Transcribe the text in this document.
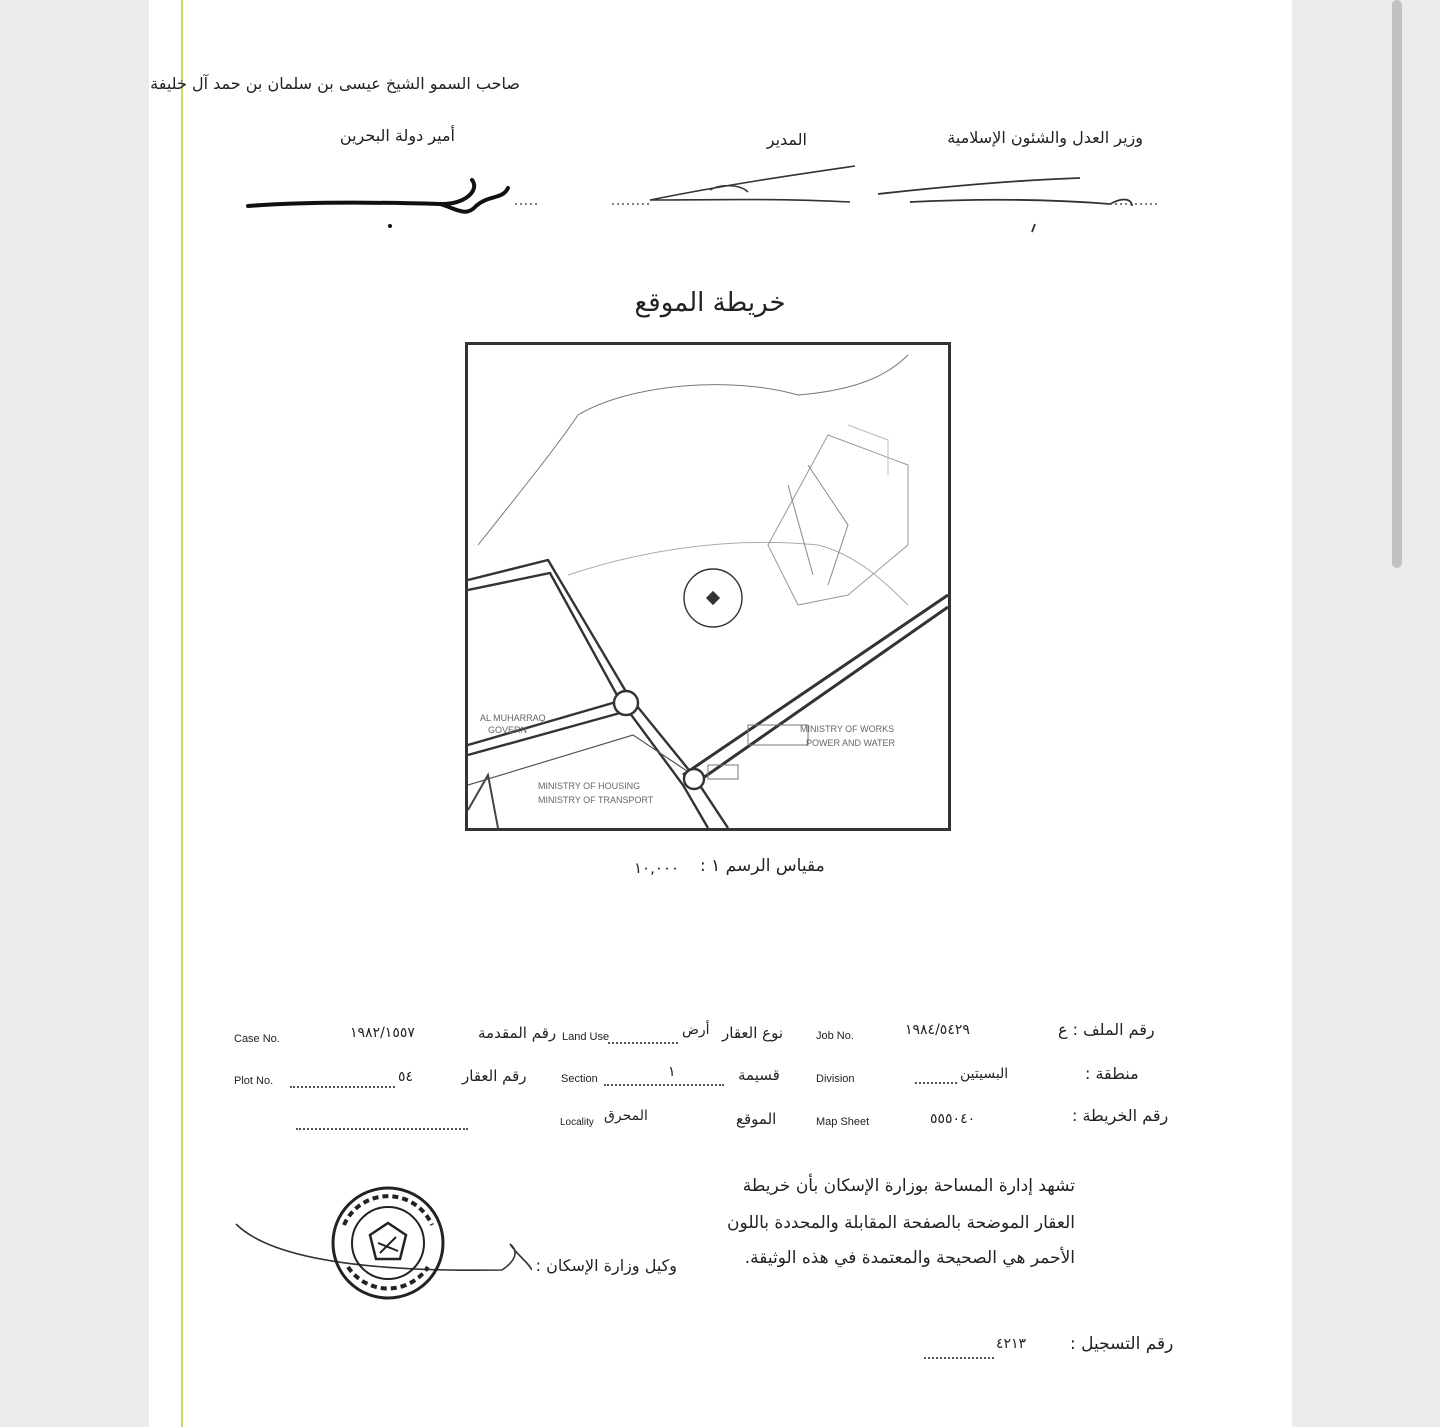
صاحب السمو الشيخ عيسى بن سلمان بن حمد آل خليفة
أمير دولة البحرين	المدير	وزير العدل والشئون الإسلامية
خريطة الموقع
MINISTRY OF WORKS
POWER AND WATER
MINISTRY OF HOUSING
MINISTRY OF TRANSPORT
AL MUHARRAQ
GOVERN
مقياس الرسم ١ :
١٠,٠٠٠
رقم الملف : ع
١٩٨٤/٥٤٢٩
Job No.
نوع العقار
أرض
Land Use
رقم المقدمة
١٩٨٢/١٥٥٧
Case No.
منطقة :
البسيتين
Division
قسيمة
١
Section
رقم العقار
٥٤
Plot No.
رقم الخريطة :
٥٥٥٠٤٠
Map Sheet
الموقع
المحرق
Locality
تشهد إدارة المساحة بوزارة الإسكان بأن خريطة
العقار الموضحة بالصفحة المقابلة والمحددة باللون
الأحمر هي الصحيحة والمعتمدة في هذه الوثيقة.
وكيل وزارة الإسكان :
رقم التسجيل :
٤٢١٣
